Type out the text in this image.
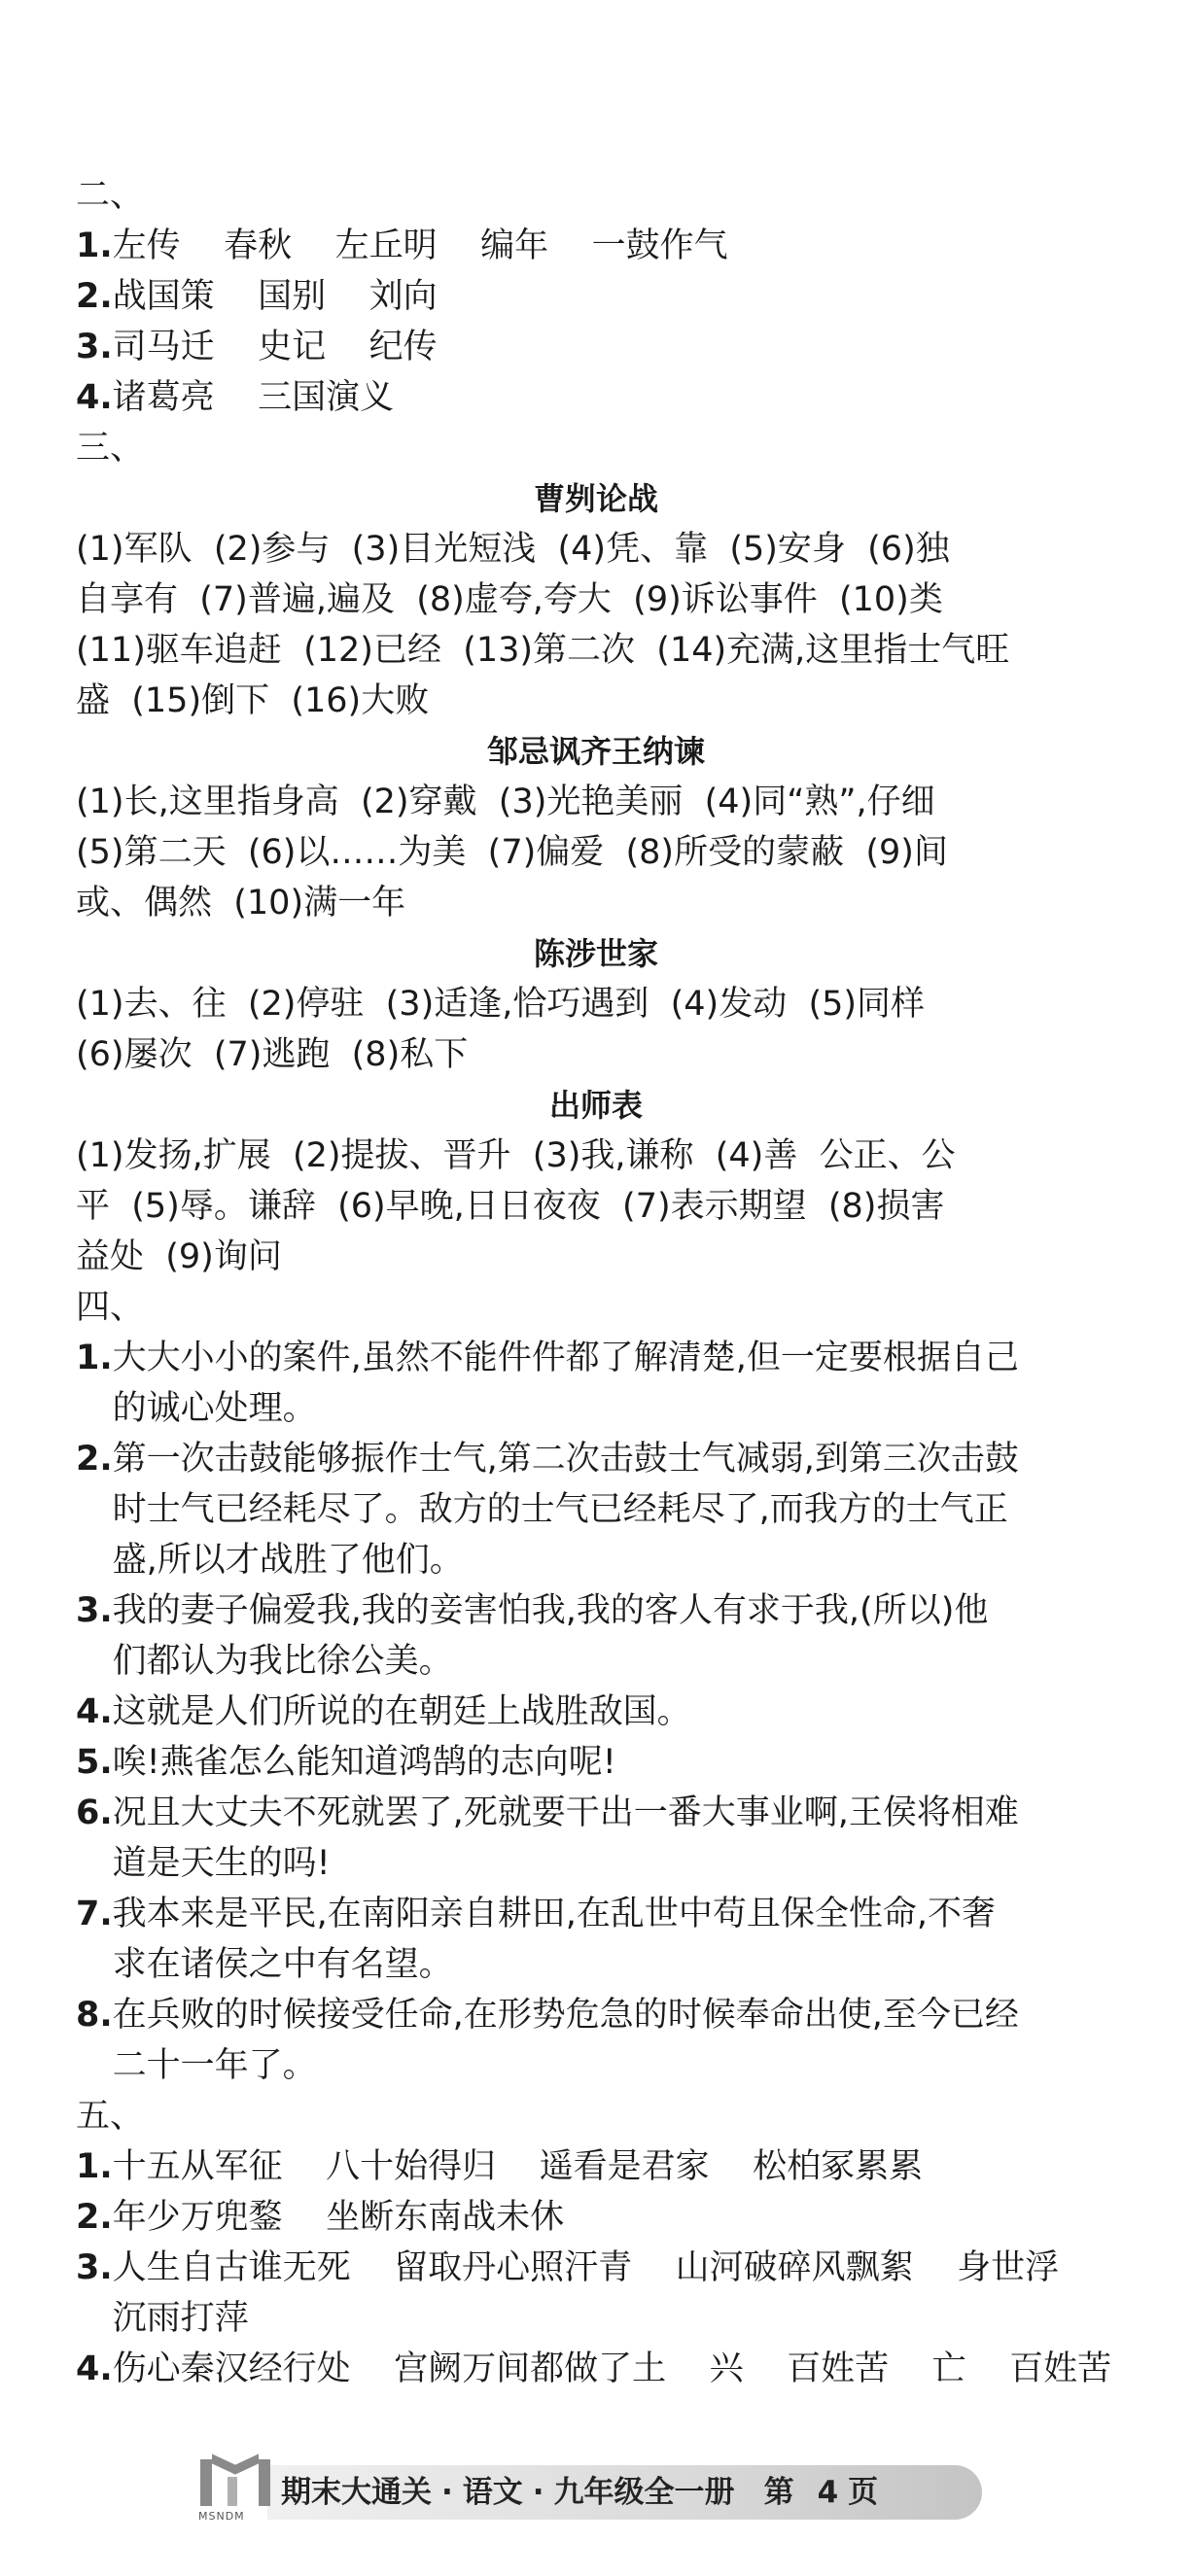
二、
1. 左传    春秋    左丘明    编年    一鼓作气
2. 战国策    国别    刘向
3. 司马迁    史记    纪传
4. 诸葛亮    三国演义
三、
曹刿论战
(1)军队  (2)参与  (3)目光短浅  (4)凭、靠  (5)安身  (6)独
自享有  (7)普遍,遍及  (8)虚夸,夸大  (9)诉讼事件  (10)类
(11)驱车追赶  (12)已经  (13)第二次  (14)充满,这里指士气旺
盛  (15)倒下  (16)大败
邹忌讽齐王纳谏
(1)长,这里指身高  (2)穿戴  (3)光艳美丽  (4)同“熟”,仔细
(5)第二天  (6)以……为美  (7)偏爱  (8)所受的蒙蔽  (9)间
或、偶然  (10)满一年
陈涉世家
(1)去、往  (2)停驻  (3)适逢,恰巧遇到  (4)发动  (5)同样
(6)屡次  (7)逃跑  (8)私下
出师表
(1)发扬,扩展  (2)提拔、晋升  (3)我,谦称  (4)善  公正、公
平  (5)辱。谦辞  (6)早晚,日日夜夜  (7)表示期望  (8)损害
益处  (9)询问
四、
1. 大大小小的案件,虽然不能件件都了解清楚,但一定要根据自己
的诚心处理。
2. 第一次击鼓能够振作士气,第二次击鼓士气减弱,到第三次击鼓
时士气已经耗尽了。敌方的士气已经耗尽了,而我方的士气正
盛,所以才战胜了他们。
3. 我的妻子偏爱我,我的妾害怕我,我的客人有求于我,(所以)他
们都认为我比徐公美。
4. 这就是人们所说的在朝廷上战胜敌国。
5. 唉!燕雀怎么能知道鸿鹄的志向呢!
6. 况且大丈夫不死就罢了,死就要干出一番大事业啊,王侯将相难
道是天生的吗!
7. 我本来是平民,在南阳亲自耕田,在乱世中苟且保全性命,不奢
求在诸侯之中有名望。
8. 在兵败的时候接受任命,在形势危急的时候奉命出使,至今已经
二十一年了。
五、
1. 十五从军征    八十始得归    遥看是君家    松柏冢累累
2. 年少万兜鍪    坐断东南战未休
3. 人生自古谁无死    留取丹心照汗青    山河破碎风飘絮    身世浮
沉雨打萍
4. 伤心秦汉经行处    宫阙万间都做了土    兴    百姓苦    亡    百姓苦
期末大通关 · 语文 · 九年级全一册 第 4 页
MSNDM
